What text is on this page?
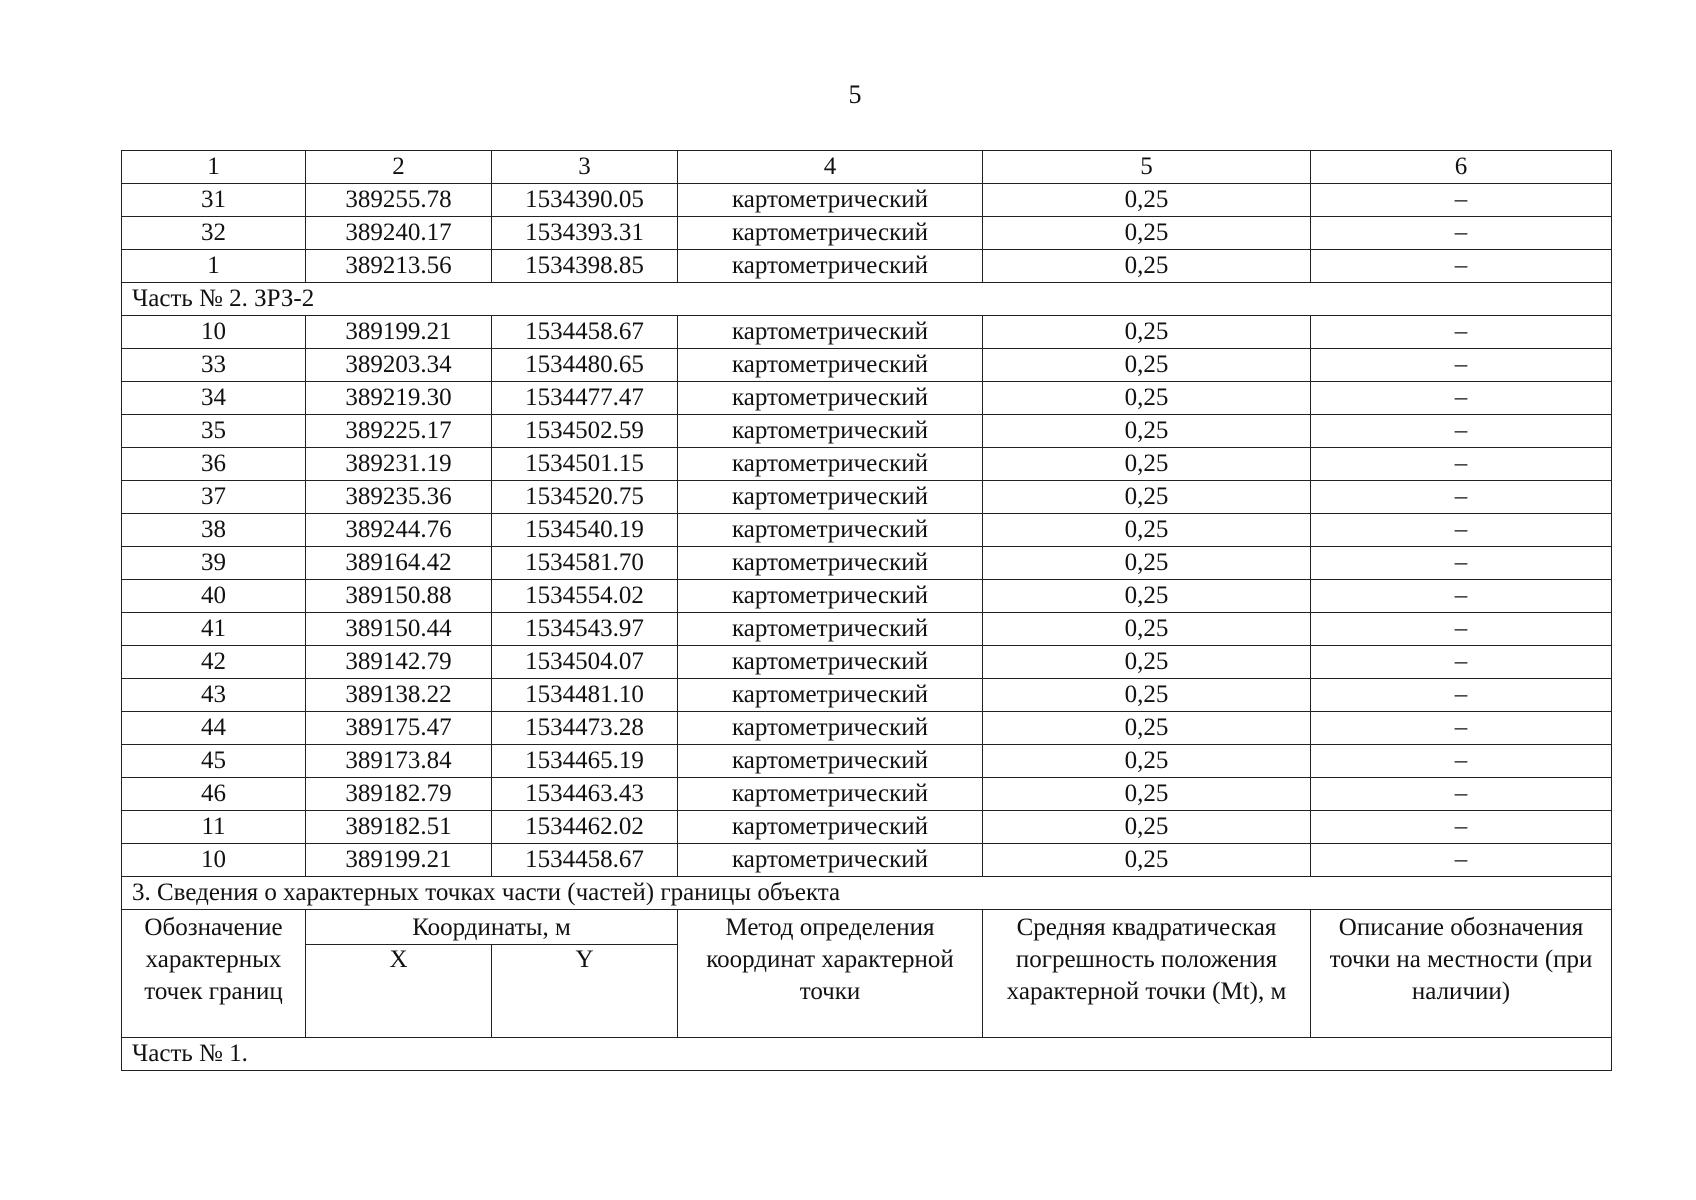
5
1	2	3	4	5	6
31	389255.78	1534390.05	картометрический	0,25	–
32	389240.17	1534393.31	картометрический	0,25	–
1	389213.56	1534398.85	картометрический	0,25	–
Часть № 2. ЗРЗ-2					
10	389199.21	1534458.67	картометрический	0,25	–
33	389203.34	1534480.65	картометрический	0,25	–
34	389219.30	1534477.47	картометрический	0,25	–
35	389225.17	1534502.59	картометрический	0,25	–
36	389231.19	1534501.15	картометрический	0,25	–
37	389235.36	1534520.75	картометрический	0,25	–
38	389244.76	1534540.19	картометрический	0,25	–
39	389164.42	1534581.70	картометрический	0,25	–
40	389150.88	1534554.02	картометрический	0,25	–
41	389150.44	1534543.97	картометрический	0,25	–
42	389142.79	1534504.07	картометрический	0,25	–
43	389138.22	1534481.10	картометрический	0,25	–
44	389175.47	1534473.28	картометрический	0,25	–
45	389173.84	1534465.19	картометрический	0,25	–
46	389182.79	1534463.43	картометрический	0,25	–
11	389182.51	1534462.02	картометрический	0,25	–
10	389199.21	1534458.67	картометрический	0,25	–
3. Сведения о характерных точках части (частей) границы объекта					
Обозначение характерных точек границ	Координаты, м		Метод определения координат характерной точки	Средняя квадратическая погрешность положения характерной точки (Mt), м	Описание обозначения точки на местности (при наличии)
	X	Y			
Часть № 1.					
